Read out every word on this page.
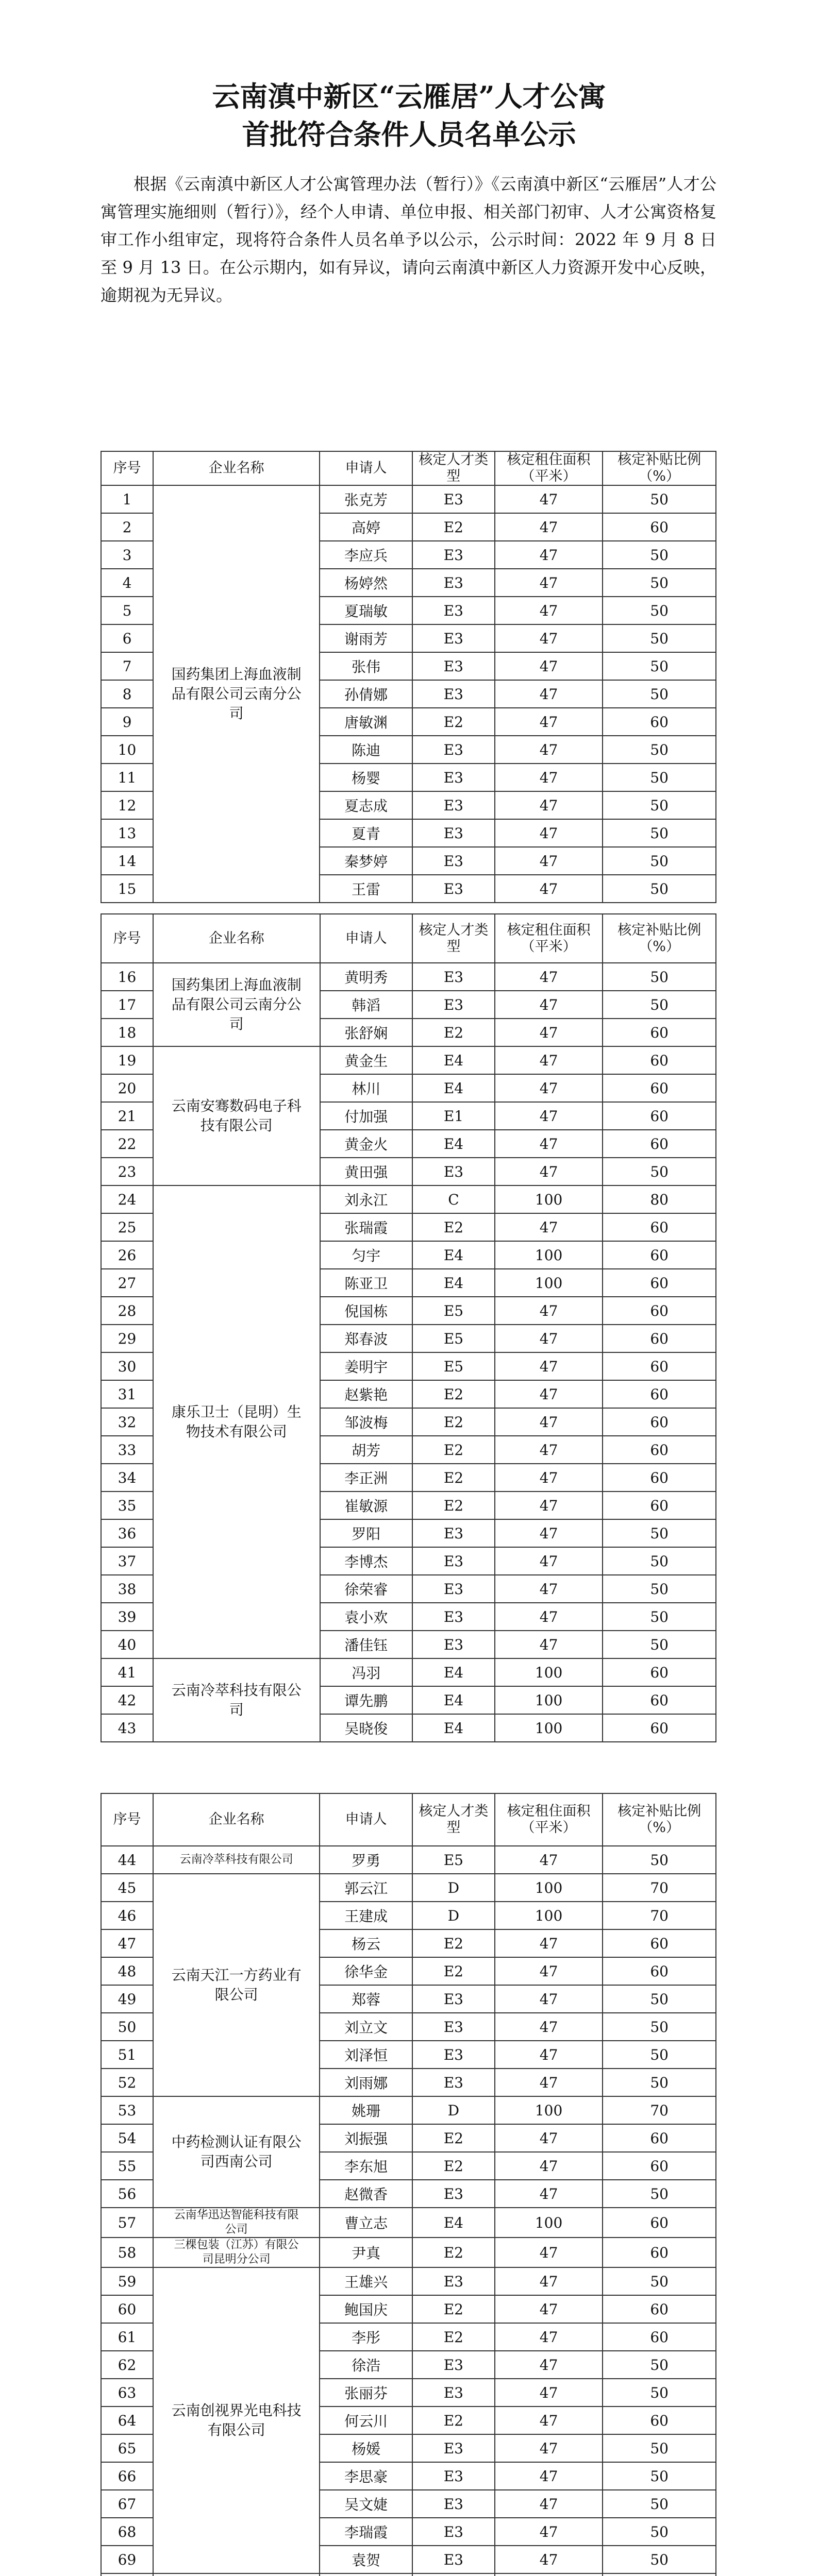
云南滇中新区“云雁居”人才公寓
首批符合条件人员名单公示
根据《云南滇中新区人才公寓管理办法（暂行）》《云南滇中新区“云雁居”人才公寓管理实施细则（暂行）》，经个人申请、单位申报、相关部门初审、人才公寓资格复审工作小组审定，现将符合条件人员名单予以公示，公示时间：2022 年 9 月 8 日至 9 月 13 日。在公示期内，如有异议，请向云南滇中新区人力资源开发中心反映，逾期视为无异议。
序号	企业名称	申请人	核定人才类型	核定租住面积（平米）	核定补贴比例（%）
1	国药集团上海血液制品有限公司云南分公司	张克芳	E3	47	50
2		高婷	E2	47	60
3		李应兵	E3	47	50
4		杨婷然	E3	47	50
5		夏瑞敏	E3	47	50
6		谢雨芳	E3	47	50
7		张伟	E3	47	50
8		孙倩娜	E3	47	50
9		唐敏渊	E2	47	60
10		陈迪	E3	47	50
11		杨婴	E3	47	50
12		夏志成	E3	47	50
13		夏青	E3	47	50
14		秦梦婷	E3	47	50
15		王雷	E3	47	50
序号	企业名称	申请人	核定人才类型	核定租住面积（平米）	核定补贴比例（%）
16	国药集团上海血液制品有限公司云南分公司	黄明秀	E3	47	50
17		韩滔	E3	47	50
18		张舒娴	E2	47	60
19	云南安骞数码电子科技有限公司	黄金生	E4	47	60
20		林川	E4	47	60
21		付加强	E1	47	60
22		黄金火	E4	47	60
23		黄田强	E3	47	50
24	康乐卫士（昆明）生物技术有限公司	刘永江	C	100	80
25		张瑞霞	E2	47	60
26		匀宇	E4	100	60
27		陈亚卫	E4	100	60
28		倪国栋	E5	47	60
29		郑春波	E5	47	60
30		姜明宇	E5	47	60
31		赵紫艳	E2	47	60
32		邹波梅	E2	47	60
33		胡芳	E2	47	60
34		李正洲	E2	47	60
35		崔敏源	E2	47	60
36		罗阳	E3	47	50
37		李博杰	E3	47	50
38		徐荣睿	E3	47	50
39		袁小欢	E3	47	50
40		潘佳钰	E3	47	50
41	云南冷萃科技有限公司	冯羽	E4	100	60
42		谭先鹏	E4	100	60
43		吴晓俊	E4	100	60
序号	企业名称	申请人	核定人才类型	核定租住面积（平米）	核定补贴比例（%）
44	云南冷萃科技有限公司	罗勇	E5	47	50
45	云南天江一方药业有限公司	郭云江	D	100	70
46		王建成	D	100	70
47		杨云	E2	47	60
48		徐华金	E2	47	60
49		郑蓉	E3	47	50
50		刘立文	E3	47	50
51		刘泽恒	E3	47	50
52		刘雨娜	E3	47	50
53	中药检测认证有限公司西南公司	姚珊	D	100	70
54		刘振强	E2	47	60
55		李东旭	E2	47	60
56		赵微香	E3	47	50
57	云南华迅达智能科技有限公司	曹立志	E4	100	60
58	三棵包装（江苏）有限公司昆明分公司	尹真	E2	47	60
59	云南创视界光电科技有限公司	王雄兴	E3	47	50
60		鲍国庆	E2	47	60
61		李彤	E2	47	60
62		徐浩	E3	47	50
63		张丽芬	E3	47	50
64		何云川	E2	47	60
65		杨媛	E3	47	50
66		李思豪	E3	47	50
67		吴文婕	E3	47	50
68		李瑞霞	E3	47	50
69		袁贺	E3	47	50
